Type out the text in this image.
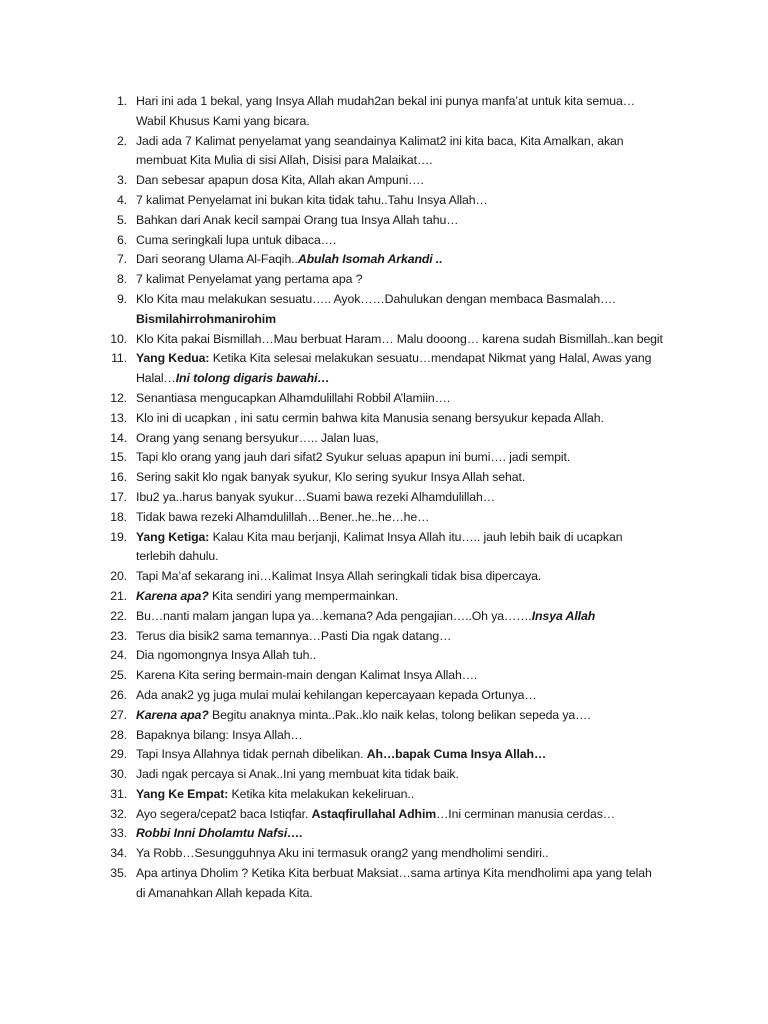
1. Hari ini ada 1 bekal, yang Insya Allah mudah2an bekal ini punya manfa’at untuk kita semua…
Wabil Khusus Kami yang bicara.
2. Jadi ada 7 Kalimat penyelamat yang seandainya Kalimat2 ini kita baca, Kita Amalkan, akan
membuat Kita Mulia di sisi Allah, Disisi para Malaikat….
3. Dan sebesar apapun dosa Kita, Allah akan Ampuni….
4. 7 kalimat Penyelamat ini bukan kita tidak tahu..Tahu Insya Allah…
5. Bahkan dari Anak kecil sampai Orang tua Insya Allah tahu…
6. Cuma seringkali lupa untuk dibaca….
7. Dari seorang Ulama Al-Faqih..Abulah Isomah Arkandi ..
8. 7 kalimat Penyelamat yang pertama apa ?
9. Klo Kita mau melakukan sesuatu….. Ayok……Dahulukan dengan membaca Basmalah….
Bismilahirrohmanirohim
10. Klo Kita pakai Bismillah…Mau berbuat Haram… Malu dooong… karena sudah Bismillah..kan begit
11. Yang Kedua: Ketika Kita selesai melakukan sesuatu…mendapat Nikmat yang Halal, Awas yang
Halal…Ini tolong digaris bawahi…
12. Senantiasa mengucapkan Alhamdulillahi Robbil A’lamiin….
13. Klo ini di ucapkan , ini satu cermin bahwa kita Manusia senang bersyukur kepada Allah.
14. Orang yang senang bersyukur….. Jalan luas,
15. Tapi klo orang yang jauh dari sifat2 Syukur seluas apapun ini bumi…. jadi sempit.
16. Sering sakit klo ngak banyak syukur, Klo sering syukur Insya Allah sehat.
17. Ibu2 ya..harus banyak syukur…Suami bawa rezeki Alhamdulillah…
18. Tidak bawa rezeki Alhamdulillah…Bener..he..he…he…
19. Yang Ketiga: Kalau Kita mau berjanji, Kalimat Insya Allah itu….. jauh lebih baik di ucapkan
terlebih dahulu.
20. Tapi Ma’af sekarang ini…Kalimat Insya Allah seringkali tidak bisa dipercaya.
21. Karena apa? Kita sendiri yang mempermainkan.
22. Bu…nanti malam jangan lupa ya…kemana? Ada pengajian…..Oh ya…….Insya Allah
23. Terus dia bisik2 sama temannya…Pasti Dia ngak datang…
24. Dia ngomongnya Insya Allah tuh..
25. Karena Kita sering bermain-main dengan Kalimat Insya Allah….
26. Ada anak2 yg juga mulai mulai kehilangan kepercayaan kepada Ortunya…
27. Karena apa? Begitu anaknya minta..Pak..klo naik kelas, tolong belikan sepeda ya….
28. Bapaknya bilang: Insya Allah…
29. Tapi Insya Allahnya tidak pernah dibelikan. Ah…bapak Cuma Insya Allah…
30. Jadi ngak percaya si Anak..Ini yang membuat kita tidak baik.
31. Yang Ke Empat: Ketika kita melakukan kekeliruan..
32. Ayo segera/cepat2 baca Istiqfar. Astaqfirullahal Adhim…Ini cerminan manusia cerdas…
33. Robbi Inni Dholamtu Nafsi….
34. Ya Robb…Sesungguhnya Aku ini termasuk orang2 yang mendholimi sendiri..
35. Apa artinya Dholim ? Ketika Kita berbuat Maksiat…sama artinya Kita mendholimi apa yang telah
di Amanahkan Allah kepada Kita.
